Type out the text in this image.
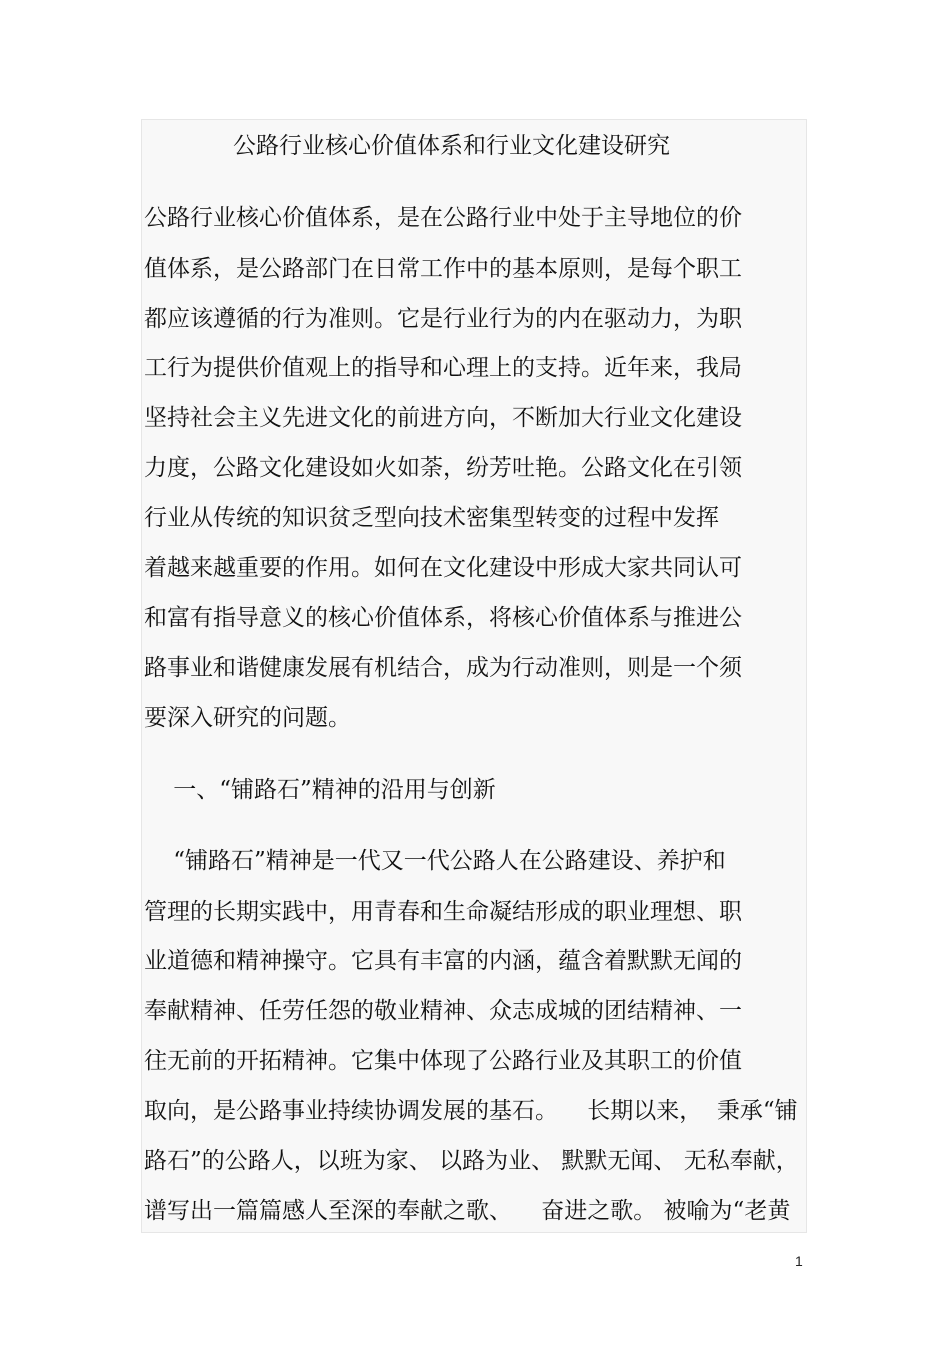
公路行业核心价值体系和行业文化建设研究
公路行业核心价值体系，是在公路行业中处于主导地位的价
值体系，是公路部门在日常工作中的基本原则，是每个职工
都应该遵循的行为准则。它是行业行为的内在驱动力，为职
工行为提供价值观上的指导和心理上的支持。近年来，我局
坚持社会主义先进文化的前进方向，不断加大行业文化建设
力度，公路文化建设如火如荼，纷芳吐艳。公路文化在引领
行业从传统的知识贫乏型向技术密集型转变的过程中发挥
着越来越重要的作用。如何在文化建设中形成大家共同认可
和富有指导意义的核心价值体系，将核心价值体系与推进公
路事业和谐健康发展有机结合，成为行动准则，则是一个须
要深入研究的问题。
一、“铺路石”精神的沿用与创新
“铺路石”精神是一代又一代公路人在公路建设、养护和
管理的长期实践中，用青春和生命凝结形成的职业理想、职
业道德和精神操守。它具有丰富的内涵，蕴含着默默无闻的
奉献精神、任劳任怨的敬业精神、众志成城的团结精神、一
往无前的开拓精神。它集中体现了公路行业及其职工的价值
取向，是公路事业持续协调发展的基石。    长期以来，  秉承“铺
路石”的公路人，以班为家、 以路为业、 默默无闻、 无私奉献，
谱写出一篇篇感人至深的奉献之歌、    奋进之歌。 被喻为“老黄
1
